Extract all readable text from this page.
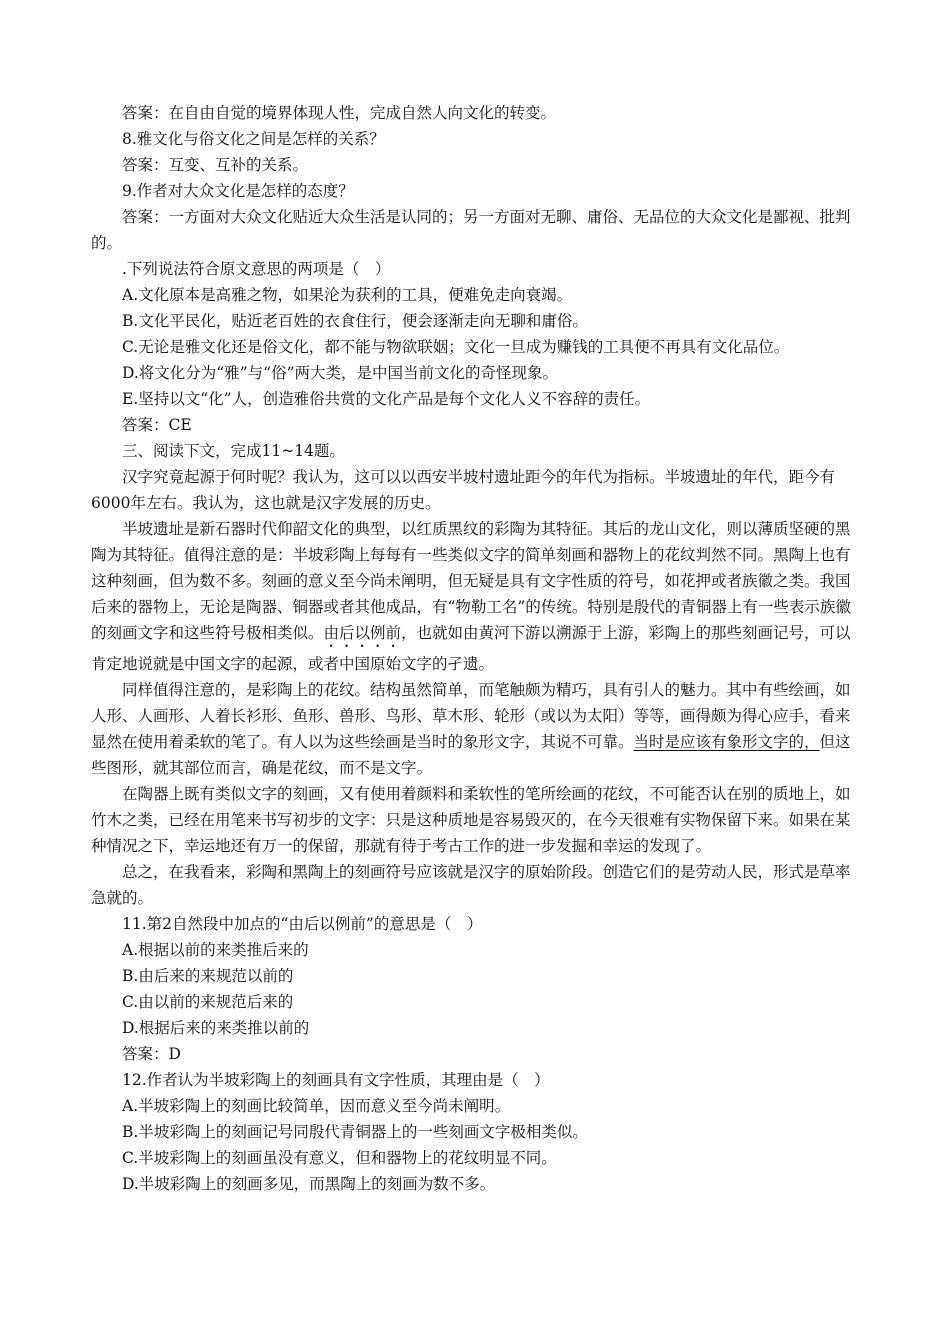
答案：在自由自觉的境界体现人性，完成自然人向文化的转变。

8.雅文化与俗文化之间是怎样的关系？

答案：互变、互补的关系。

9.作者对大众文化是怎样的态度？

答案：一方面对大众文化贴近大众生活是认同的；另一方面对无聊、庸俗、无品位的大众文化是鄙视、批判的。

.下列说法符合原文意思的两项是（　）

A.文化原本是高雅之物，如果沦为获利的工具，便难免走向衰竭。

B.文化平民化，贴近老百姓的衣食住行，便会逐渐走向无聊和庸俗。

C.无论是雅文化还是俗文化，都不能与物欲联姻；文化一旦成为赚钱的工具便不再具有文化品位。

D.将文化分为“雅”与“俗”两大类，是中国当前文化的奇怪现象。

E.坚持以文“化”人，创造雅俗共赏的文化产品是每个文化人义不容辞的责任。

答案：CE

三、阅读下文，完成11~14题。

汉字究竟起源于何时呢？我认为，这可以以西安半坡村遗址距今的年代为指标。半坡遗址的年代，距今有6000年左右。我认为，这也就是汉字发展的历史。

半坡遗址是新石器时代仰韶文化的典型，以红质黑纹的彩陶为其特征。其后的龙山文化，则以薄质坚硬的黑陶为其特征。值得注意的是：半坡彩陶上每每有一些类似文字的简单刻画和器物上的花纹判然不同。黑陶上也有这种刻画，但为数不多。刻画的意义至今尚未阐明，但无疑是具有文字性质的符号，如花押或者族徽之类。我国后来的器物上，无论是陶器、铜器或者其他成品，有“物勒工名”的传统。特别是殷代的青铜器上有一些表示族徽的刻画文字和这些符号极相类似。由后以例前，也就如由黄河下游以溯源于上游，彩陶上的那些刻画记号，可以肯定地说就是中国文字的起源，或者中国原始文字的孑遗。

同样值得注意的，是彩陶上的花纹。结构虽然简单，而笔触颇为精巧，具有引人的魅力。其中有些绘画，如人形、人画形、人着长衫形、鱼形、兽形、鸟形、草木形、轮形（或以为太阳）等等，画得颇为得心应手，看来显然在使用着柔软的笔了。有人以为这些绘画是当时的象形文字，其说不可靠。当时是应该有象形文字的，但这些图形，就其部位而言，确是花纹，而不是文字。

在陶器上既有类似文字的刻画，又有使用着颜料和柔软性的笔所绘画的花纹，不可能否认在别的质地上，如竹木之类，已经在用笔来书写初步的文字：只是这种质地是容易毁灭的，在今天很难有实物保留下来。如果在某种情况之下，幸运地还有万一的保留，那就有待于考古工作的进一步发掘和幸运的发现了。

总之，在我看来，彩陶和黑陶上的刻画符号应该就是汉字的原始阶段。创造它们的是劳动人民，形式是草率急就的。

11.第2自然段中加点的“由后以例前”的意思是（　）

A.根据以前的来类推后来的

B.由后来的来规范以前的

C.由以前的来规范后来的

D.根据后来的来类推以前的

答案：D

12.作者认为半坡彩陶上的刻画具有文字性质，其理由是（　）

A.半坡彩陶上的刻画比较简单，因而意义至今尚未阐明。

B.半坡彩陶上的刻画记号同殷代青铜器上的一些刻画文字极相类似。

C.半坡彩陶上的刻画虽没有意义，但和器物上的花纹明显不同。

D.半坡彩陶上的刻画多见，而黑陶上的刻画为数不多。
